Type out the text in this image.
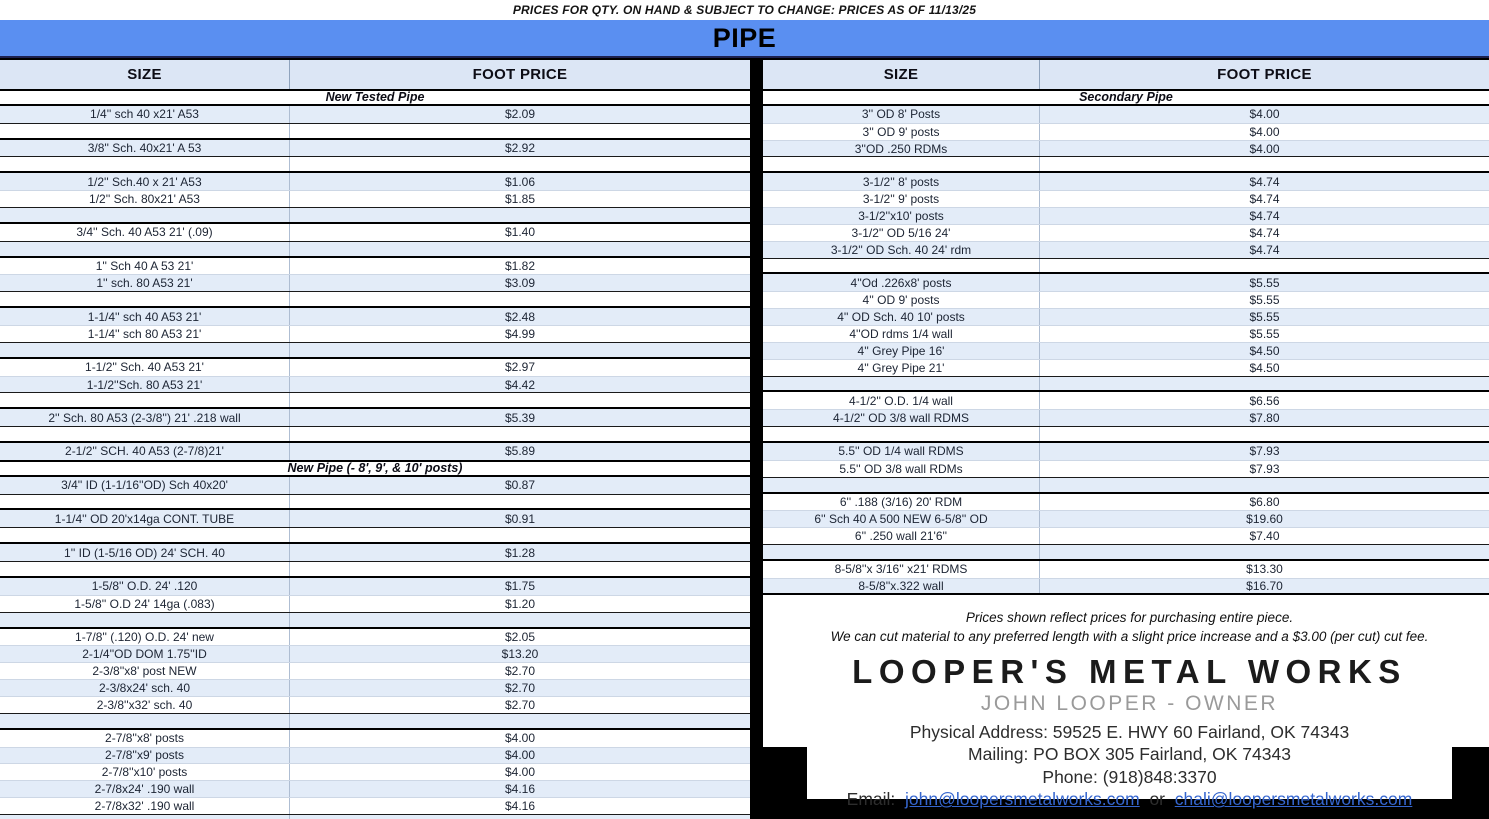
PRICES FOR QTY. ON HAND & SUBJECT TO CHANGE: PRICES AS OF 11/13/25
PIPE
SIZE	FOOT PRICE
New Tested Pipe
1/4'' sch 40 x21' A53	$2.09
3/8'' Sch. 40x21' A 53	$2.92
1/2'' Sch.40 x 21' A53	$1.06
1/2'' Sch. 80x21' A53	$1.85
3/4'' Sch. 40 A53 21' (.09)	$1.40
1'' Sch 40 A 53 21'	$1.82
1'' sch. 80 A53 21'	$3.09
1-1/4'' sch 40 A53 21'	$2.48
1-1/4'' sch 80 A53 21'	$4.99
1-1/2'' Sch. 40 A53 21'	$2.97
1-1/2''Sch. 80 A53 21'	$4.42
2'' Sch. 80 A53 (2-3/8'') 21' .218 wall	$5.39
2-1/2'' SCH. 40 A53 (2-7/8)21'	$5.89
New Pipe (- 8', 9', & 10' posts)
3/4'' ID (1-1/16''OD) Sch 40x20'	$0.87
1-1/4'' OD 20'x14ga CONT. TUBE	$0.91
1'' ID (1-5/16 OD) 24' SCH. 40	$1.28
1-5/8'' O.D. 24' .120	$1.75
1-5/8'' O.D 24' 14ga (.083)	$1.20
1-7/8'' (.120) O.D. 24' new	$2.05
2-1/4''OD DOM 1.75''ID	$13.20
2-3/8''x8' post NEW	$2.70
2-3/8x24' sch. 40	$2.70
2-3/8''x32' sch. 40	$2.70
2-7/8''x8' posts	$4.00
2-7/8''x9' posts	$4.00
2-7/8''x10' posts	$4.00
2-7/8x24' .190 wall	$4.16
2-7/8x32' .190 wall	$4.16
SIZE	FOOT PRICE
Secondary Pipe
3'' OD 8' Posts	$4.00
3'' OD 9' posts	$4.00
3''OD .250 RDMs	$4.00
3-1/2'' 8' posts	$4.74
3-1/2'' 9' posts	$4.74
3-1/2''x10' posts	$4.74
3-1/2'' OD 5/16 24'	$4.74
3-1/2'' OD Sch. 40 24' rdm	$4.74
4''Od .226x8' posts	$5.55
4'' OD 9' posts	$5.55
4'' OD Sch. 40 10' posts	$5.55
4''OD rdms 1/4 wall	$5.55
4'' Grey Pipe 16'	$4.50
4'' Grey Pipe 21'	$4.50
4-1/2'' O.D. 1/4 wall	$6.56
4-1/2'' OD 3/8 wall RDMS	$7.80
5.5'' OD 1/4 wall RDMS	$7.93
5.5'' OD 3/8 wall RDMs	$7.93
6'' .188 (3/16) 20' RDM	$6.80
6'' Sch 40 A 500 NEW 6-5/8'' OD	$19.60
6'' .250 wall 21'6''	$7.40
8-5/8''x 3/16'' x21' RDMS	$13.30
8-5/8''x.322 wall	$16.70
Prices shown reflect prices for purchasing entire piece.
We can cut material to any preferred length with a slight price increase and a $3.00 (per cut) cut fee.
LOOPER'S METAL WORKS
JOHN LOOPER - OWNER
Physical Address: 59525 E. HWY 60 Fairland, OK 74343
Mailing: PO BOX 305 Fairland, OK 74343
Phone: (918)848:3370
Email: john@loopersmetalworks.com or chali@loopersmetalworks.com
